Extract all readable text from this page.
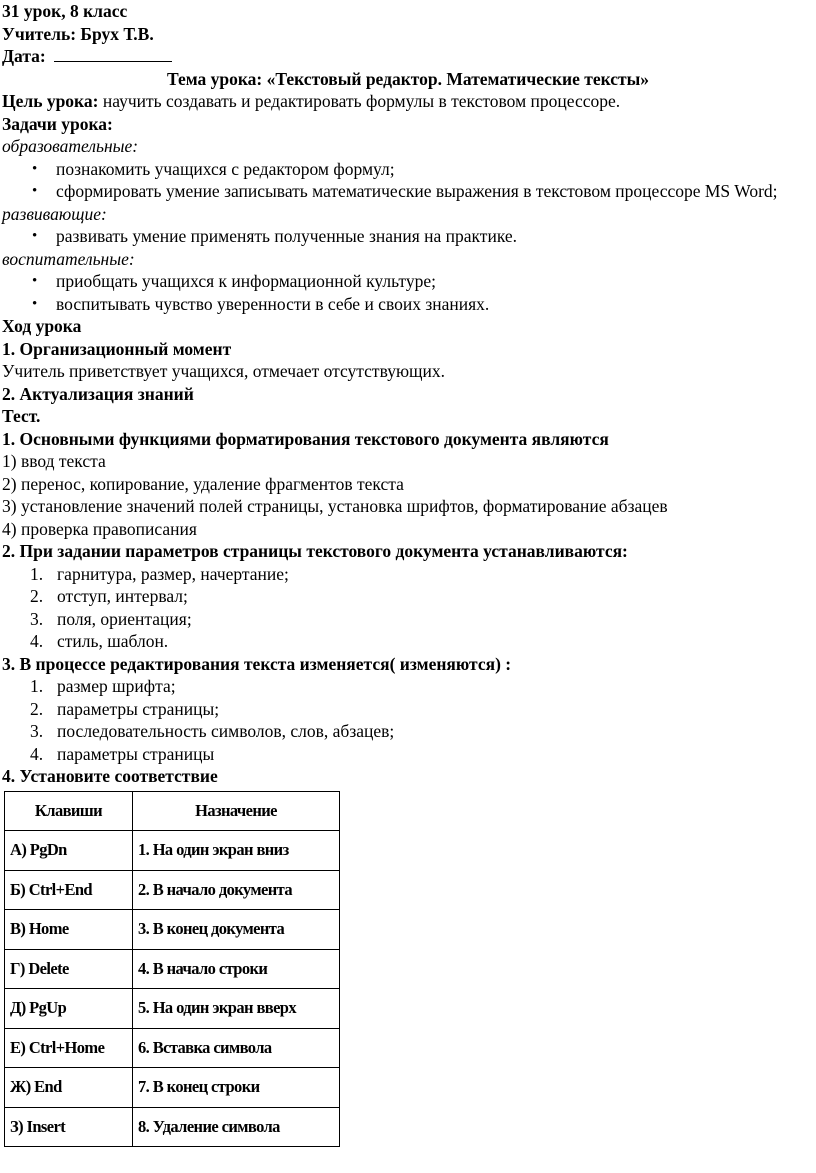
31 урок, 8 класс
Учитель: Брух Т.В.
Дата:
Тема урока: «Текстовый редактор. Математические тексты»
Цель урока: научить создавать и редактировать формулы в текстовом процессоре.
Задачи урока:
образовательные:
• познакомить учащихся с редактором формул;
• сформировать умение записывать математические выражения в текстовом процессоре MS Word;
развивающие:
• развивать умение применять полученные знания на практике.
воспитательные:
• приобщать учащихся к информационной культуре;
• воспитывать чувство уверенности в себе и своих знаниях.
Ход урока
1. Организационный момент
Учитель приветствует учащихся, отмечает отсутствующих.
2. Актуализация знаний
Тест.
1. Основными функциями форматирования текстового документа являются
1) ввод текста
2) перенос, копирование, удаление фрагментов текста
3) установление значений полей страницы, установка шрифтов, форматирование абзацев
4) проверка правописания
2. При задании параметров страницы текстового документа устанавливаются:
1. гарнитура, размер, начертание;
2. отступ, интервал;
3. поля, ориентация;
4. стиль, шаблон.
3. В процессе редактирования текста изменяется( изменяются) :
1. размер шрифта;
2. параметры страницы;
3. последовательность символов, слов, абзацев;
4. параметры страницы
4. Установите соответствие
Клавиши	Назначение
А) PgDn	1. На один экран вниз
Б) Ctrl+End	2. В начало документа
В) Home	3. В конец документа
Г) Delete	4. В начало строки
Д) PgUp	5. На один экран вверх
Е) Ctrl+Home	6. Вставка символа
Ж) End	7. В конец строки
З) Insert	8. Удаление символа
